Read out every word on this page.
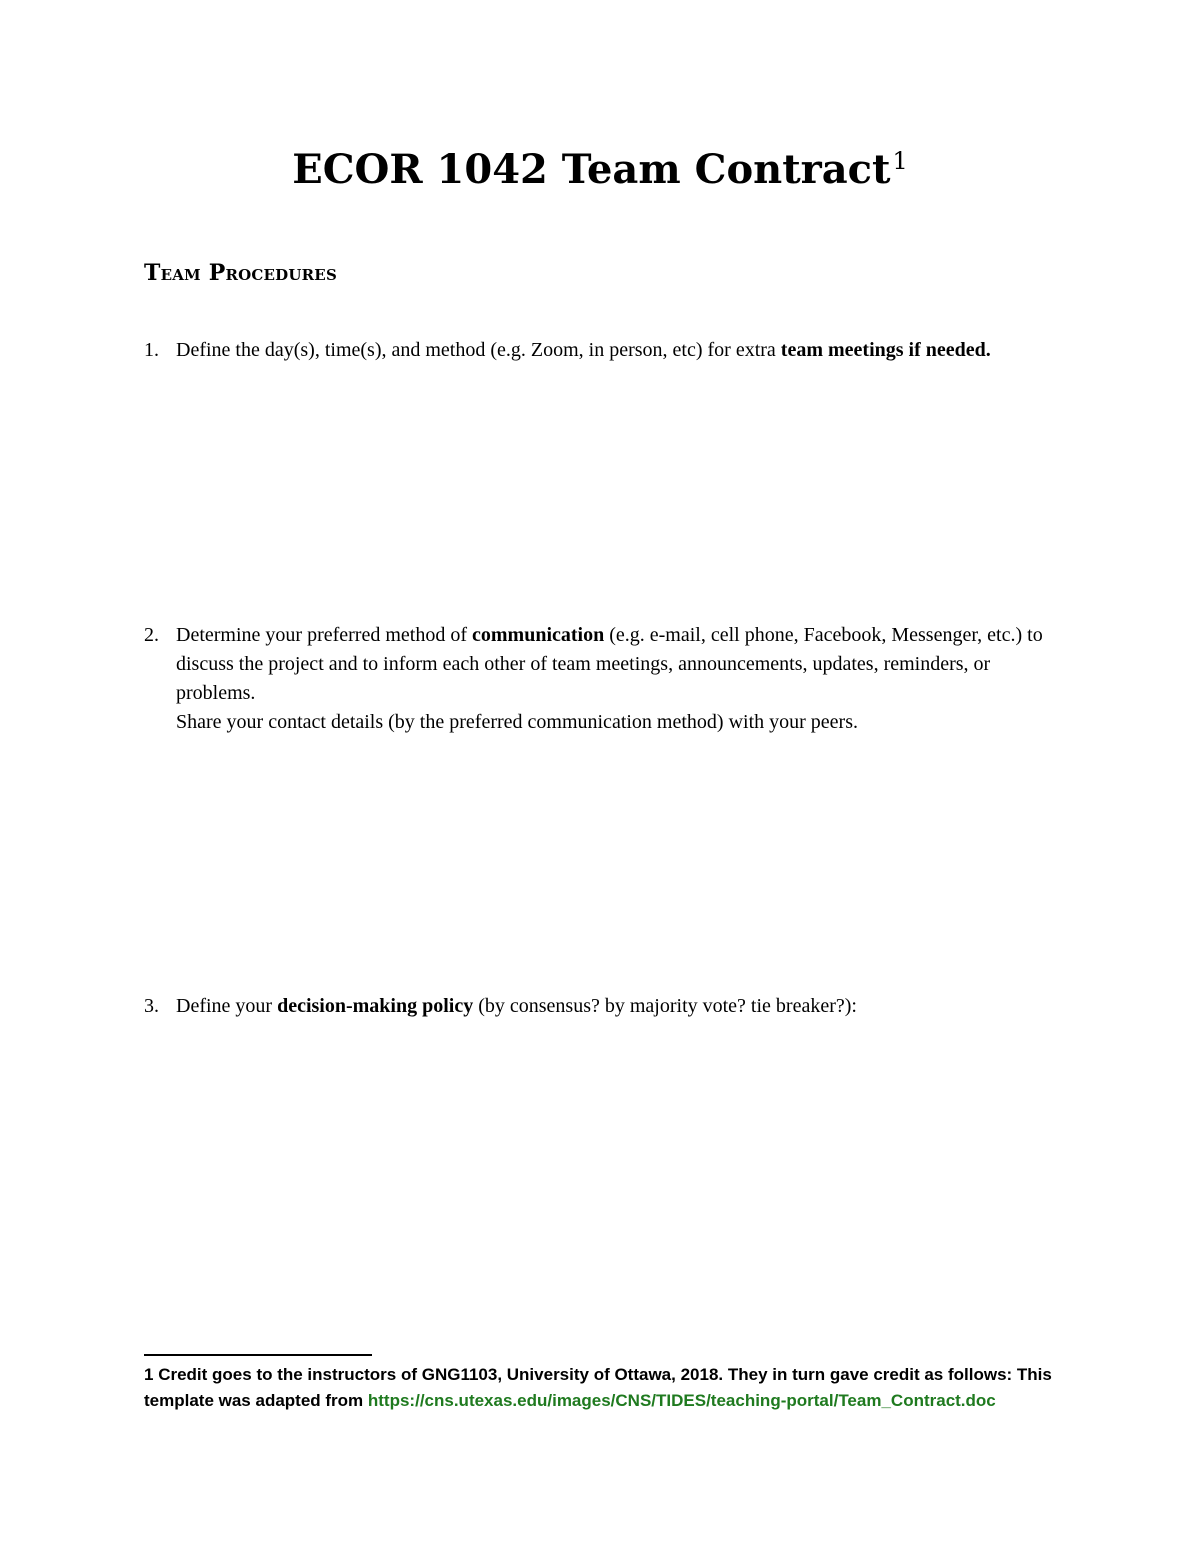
ECOR 1042 Team Contract$^1$
Team Procedures
1. Define the day(s), time(s), and method (e.g. Zoom, in person, etc) for extra team meetings if needed.
2. Determine your preferred method of communication (e.g. e-mail, cell phone, Facebook, Messenger, etc.) to discuss the project and to inform each other of team meetings, announcements, updates, reminders, or problems.
Share your contact details (by the preferred communication method) with your peers.
3. Define your decision-making policy (by consensus? by majority vote? tie breaker?):
1 Credit goes to the instructors of GNG1103, University of Ottawa, 2018. They in turn gave credit as follows: This template was adapted from https://cns.utexas.edu/images/CNS/TIDES/teaching-portal/Team_Contract.doc
